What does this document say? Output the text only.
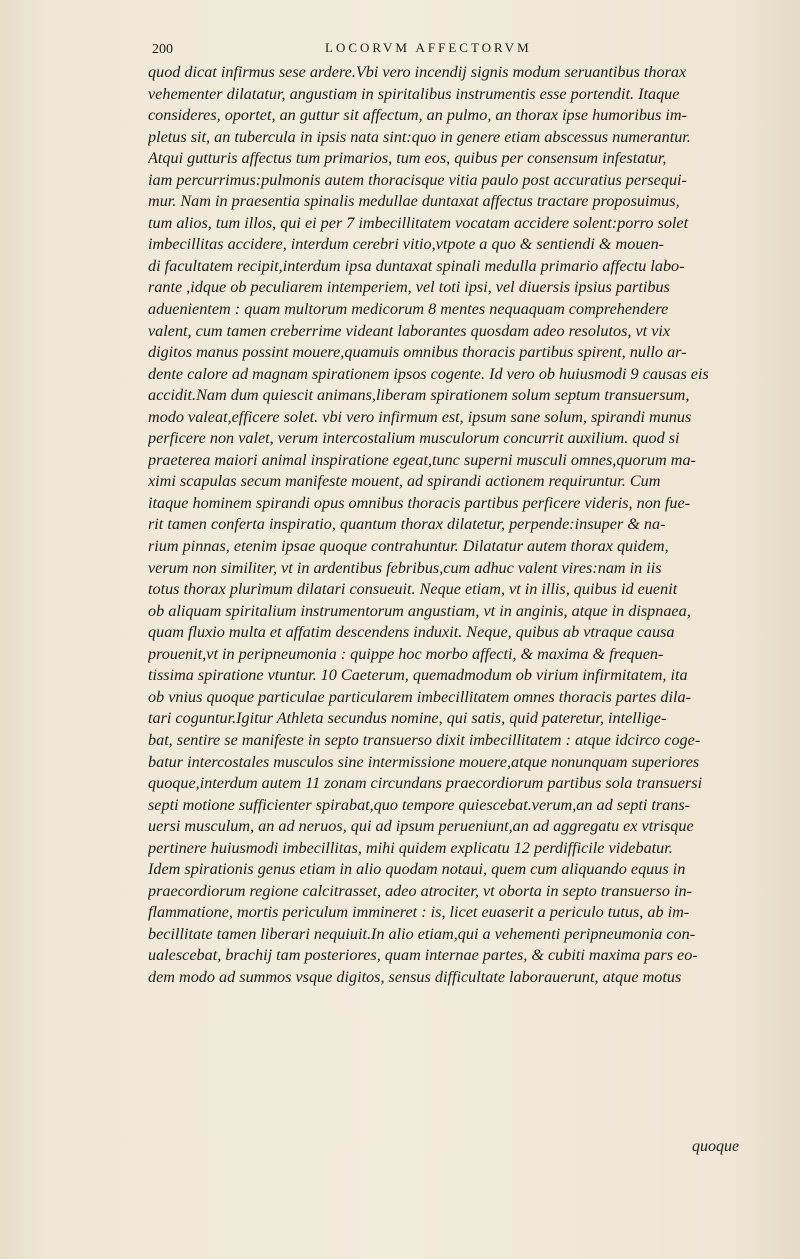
200	LOCORVM AFFECTORVM
quod dicat infirmus sese ardere.Vbi vero incendij signis modum seruantibus thorax
vehementer dilatatur, angustiam in spiritalibus instrumentis esse portendit. Itaque
consideres, oportet, an guttur sit affectum, an pulmo, an thorax ipse humoribus im-
pletus sit, an tubercula in ipsis nata sint:quo in genere etiam abscessus numerantur.
Atqui gutturis affectus tum primarios, tum eos, quibus per consensum infestatur,
iam percurrimus:pulmonis autem thoracisque vitia paulo post accuratius persequi-
mur. Nam in praesentia spinalis medullae duntaxat affectus tractare proposuimus,
tum alios, tum illos, qui ei per 7 imbecillitatem vocatam accidere solent:porro solet
imbecillitas accidere, interdum cerebri vitio,vtpote a quo & sentiendi & mouen-
di facultatem recipit,interdum ipsa duntaxat spinali medulla primario affectu labo-
rante ,idque ob peculiarem intemperiem, vel toti ipsi, vel diuersis ipsius partibus
aduenientem : quam multorum medicorum 8 mentes nequaquam comprehendere
valent, cum tamen creberrime videant laborantes quosdam adeo resolutos, vt vix
digitos manus possint mouere,quamuis omnibus thoracis partibus spirent, nullo ar-
dente calore ad magnam spirationem ipsos cogente. Id vero ob huiusmodi 9 causas eis
accidit.Nam dum quiescit animans,liberam spirationem solum septum transuersum,
modo valeat,efficere solet. vbi vero infirmum est, ipsum sane solum, spirandi munus
perficere non valet, verum intercostalium musculorum concurrit auxilium. quod si
praeterea maiori animal inspiratione egeat,tunc superni musculi omnes,quorum ma-
ximi scapulas secum manifeste mouent, ad spirandi actionem requiruntur. Cum
itaque hominem spirandi opus omnibus thoracis partibus perficere videris, non fue-
rit tamen conferta inspiratio, quantum thorax dilatetur, perpende:insuper & na-
rium pinnas, etenim ipsae quoque contrahuntur. Dilatatur autem thorax quidem,
verum non similiter, vt in ardentibus febribus,cum adhuc valent vires:nam in iis
totus thorax plurimum dilatari consueuit. Neque etiam, vt in illis, quibus id euenit
ob aliquam spiritalium instrumentorum angustiam, vt in anginis, atque in dispnaea,
quam fluxio multa et affatim descendens induxit. Neque, quibus ab vtraque causa
prouenit,vt in peripneumonia : quippe hoc morbo affecti, & maxima & frequen-
tissima spiratione vtuntur. 10 Caeterum, quemadmodum ob virium infirmitatem, ita
ob vnius quoque particulae particularem imbecillitatem omnes thoracis partes dila-
tari coguntur.Igitur Athleta secundus nomine, qui satis, quid pateretur, intellige-
bat, sentire se manifeste in septo transuerso dixit imbecillitatem : atque idcirco coge-
batur intercostales musculos sine intermissione mouere,atque nonunquam superiores
quoque,interdum autem 11 zonam circundans praecordiorum partibus sola transuersi
septi motione sufficienter spirabat,quo tempore quiescebat.verum,an ad septi trans-
uersi musculum, an ad neruos, qui ad ipsum perueniunt,an ad aggregatu ex vtrisque
pertinere huiusmodi imbecillitas, mihi quidem explicatu 12 perdifficile videbatur.
Idem spirationis genus etiam in alio quodam notaui, quem cum aliquando equus in
praecordiorum regione calcitrasset, adeo atrociter, vt oborta in septo transuerso in-
flammatione, mortis periculum immineret : is, licet euaserit a periculo tutus, ab im-
becillitate tamen liberari nequiuit.In alio etiam,qui a vehementi peripneumonia con-
ualescebat, brachij tam posteriores, quam internae partes, & cubiti maxima pars eo-
dem modo ad summos vsque digitos, sensus difficultate laborauerunt, atque motus
quoque
